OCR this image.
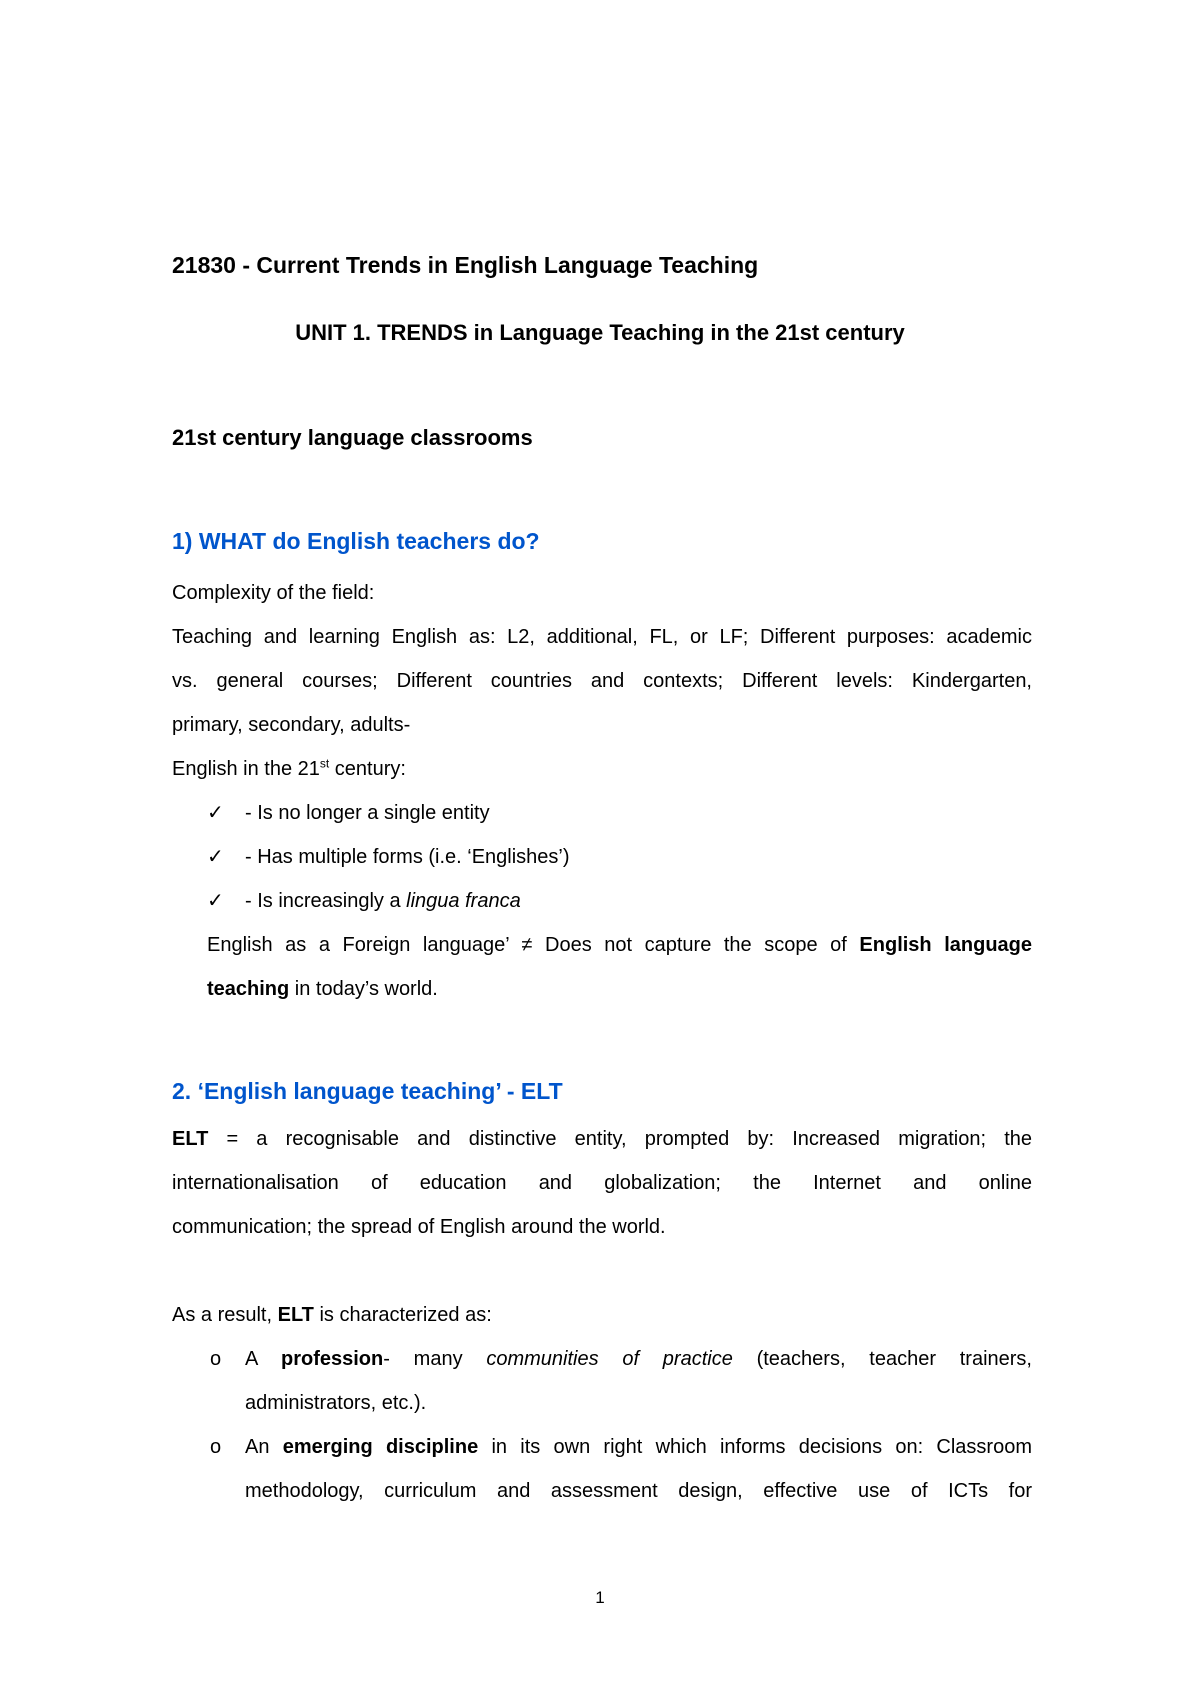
21830 - Current Trends in English Language Teaching
UNIT 1. TRENDS in Language Teaching in the 21st century
21st century language classrooms
1) WHAT do English teachers do?
Complexity of the field:
Teaching and learning English as: L2, additional, FL, or LF; Different purposes: academic
vs. general courses; Different countries and contexts; Different levels: Kindergarten,
primary, secondary, adults-
English in the 21st century:
✓ - Is no longer a single entity
✓ - Has multiple forms (i.e. ‘Englishes’)
✓ - Is increasingly a lingua franca
English as a Foreign language’ ≠ Does not capture the scope of English language
teaching in today’s world.
2. ‘English language teaching’ - ELT
ELT = a recognisable and distinctive entity, prompted by: Increased migration; the
internationalisation of education and globalization; the Internet and online
communication; the spread of English around the world.
As a result, ELT is characterized as:
o A profession- many communities of practice (teachers, teacher trainers,
administrators, etc.).
o An emerging discipline in its own right which informs decisions on: Classroom
methodology, curriculum and assessment design, effective use of ICTs for
1
